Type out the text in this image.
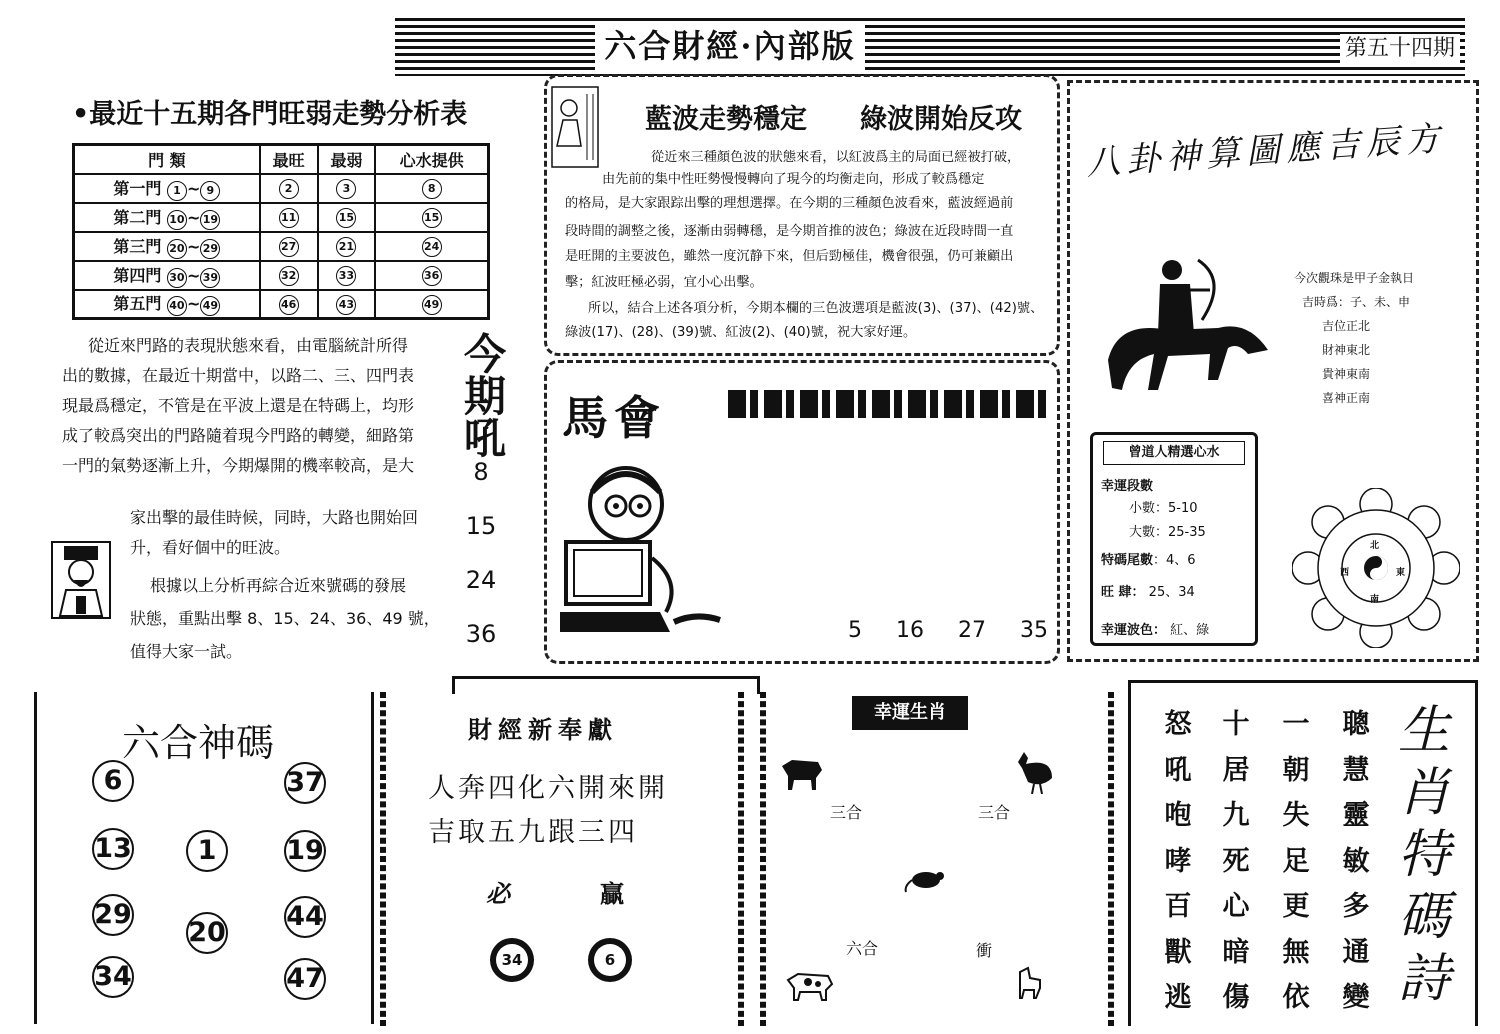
六合財經·內部版	第五十四期
•最近十五期各門旺弱走勢分析表
門 類	最旺	最弱	心水提供
第一門 1 ~ 9	2	3	8
第二門 10 ~ 19	11	15	15
第三門 20 ~ 29	27	21	24
第四門 30 ~ 39	32	33	36
第五門 40 ~ 49	46	43	49
從近來門路的表現狀態來看，由電腦統計所得
出的數據，在最近十期當中，以路二、三、四門表
現最爲穩定，不管是在平波上還是在特碼上，均形
成了較爲突出的門路隨着現今門路的轉變，細路第
一門的氣勢逐漸上升，今期爆開的機率較高，是大
家出擊的最佳時候，同時，大路也開始回
升，看好個中的旺波。
根據以上分析再綜合近來號碼的發展
狀態，重點出擊 8、15、24、36、49 號，
值得大家一試。
今
期
吼
8
15
24
36
藍波走勢穩定 綠波開始反攻
從近來三種顏色波的狀態來看，以紅波爲主的局面已經被打破，
由先前的集中性旺勢慢慢轉向了現今的均衡走向，形成了較爲穩定
的格局，是大家跟踪出擊的理想選擇。在今期的三種顏色波看來，藍波經過前
段時間的調整之後，逐漸由弱轉穩，是今期首推的波色；綠波在近段時間一直
是旺開的主要波色，雖然一度沉静下來，但后勁極佳，機會很强，仍可兼顧出
擊；紅波旺極必弱，宜小心出擊。
所以，結合上述各項分析，今期本欄的三色波選項是藍波(3)、(37)、(42)號、
綠波(17)、(28)、(39)號、紅波(2)、(40)號，祝大家好運。
馬會
5 16 27 35
八卦神算圖應吉辰方
今次觀珠是甲子金執日
吉時爲：子、未、申
吉位正北
財神東北
貴神東南
喜神正南
曾道人精選心水
幸運段數
小數：5-10
大數：25-35
特碼尾數：4、6
旺 肆： 25、34
幸運波色： 紅、綠
北
西	東
南
六合神碼
6	37
13	1	19
29
20
44
34	47
財經新奉獻
人奔四化六開來開
吉取五九跟三四
必	贏
34	6
幸運生肖
三合	三合
六合	衝
聰慧靈敏多通變
一朝失足更無依
十居九死心暗傷
怒吼咆哮百獸逃
生肖特碼詩
